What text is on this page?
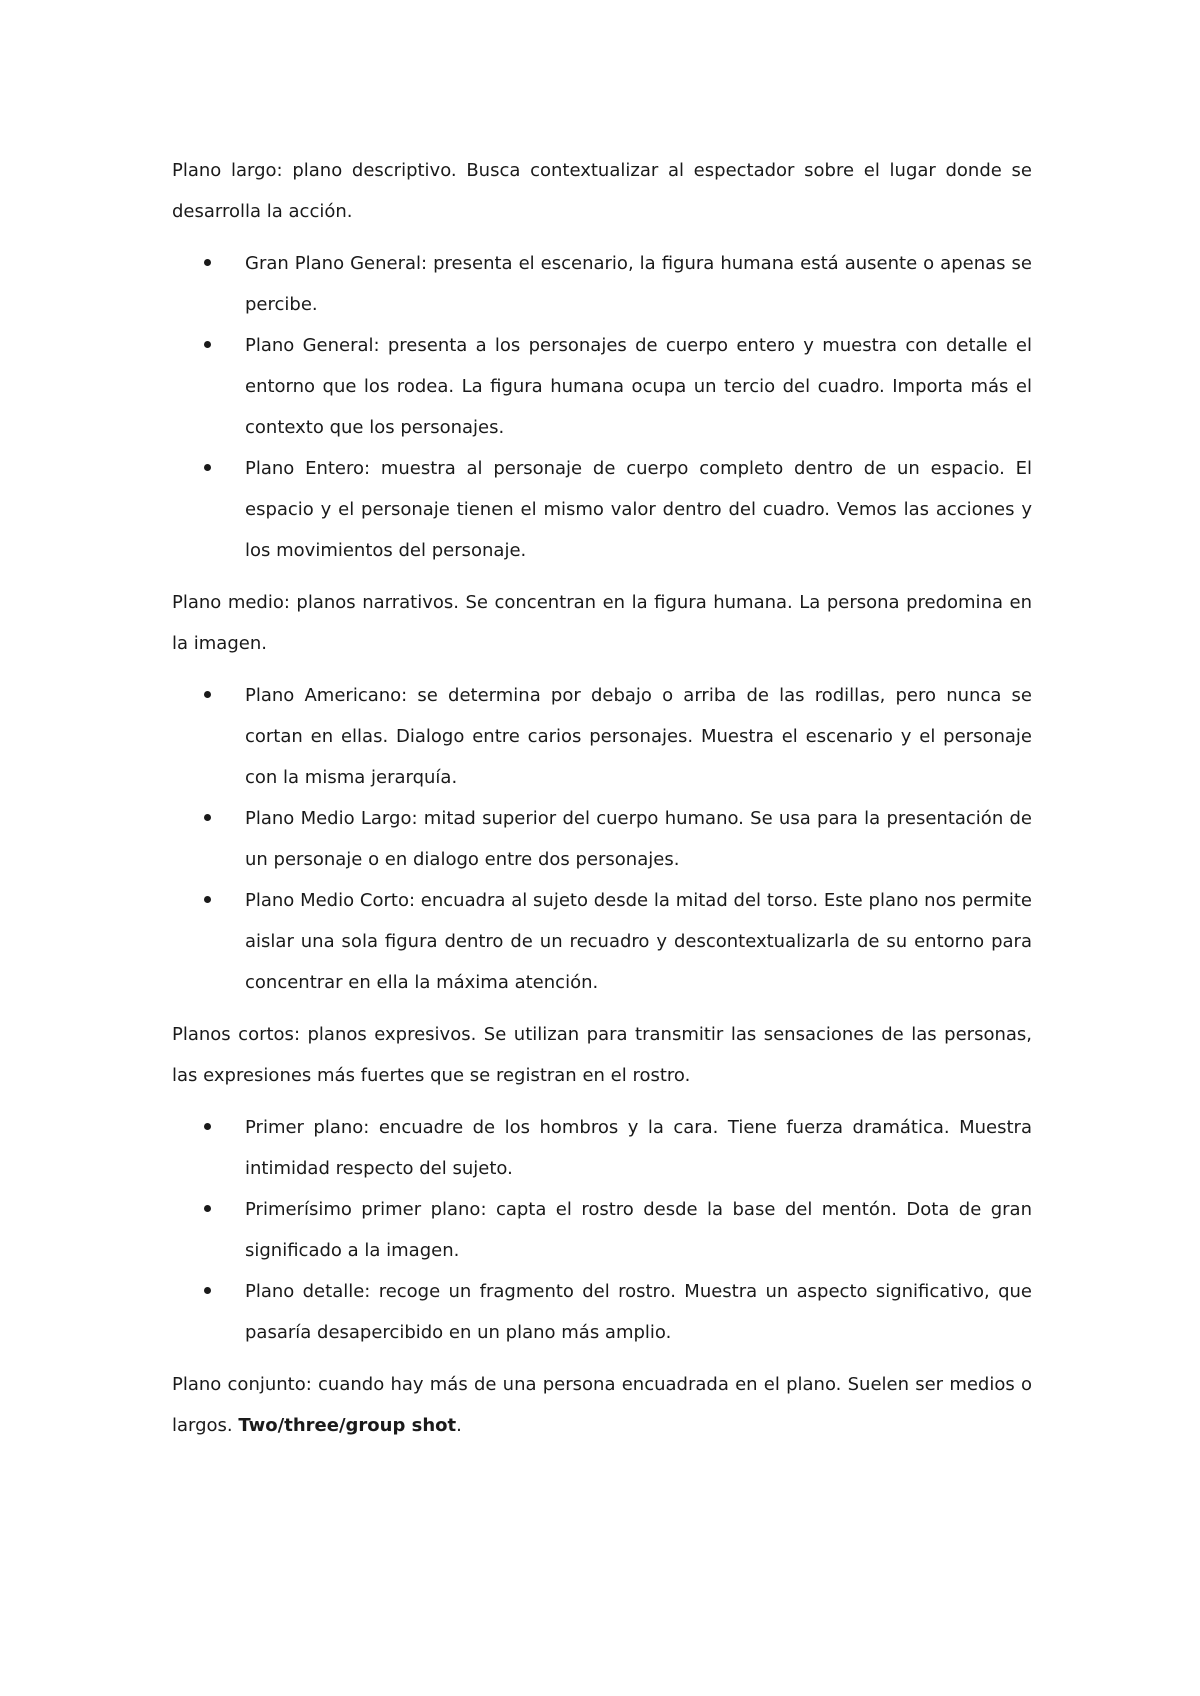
Plano largo: plano descriptivo. Busca contextualizar al espectador sobre el lugar donde se desarrolla la acción.

Gran Plano General: presenta el escenario, la figura humana está ausente o apenas se percibe.
Plano General: presenta a los personajes de cuerpo entero y muestra con detalle el entorno que los rodea. La figura humana ocupa un tercio del cuadro. Importa más el contexto que los personajes.
Plano Entero: muestra al personaje de cuerpo completo dentro de un espacio. El espacio y el personaje tienen el mismo valor dentro del cuadro. Vemos las acciones y los movimientos del personaje.

Plano medio: planos narrativos. Se concentran en la figura humana. La persona predomina en la imagen.

Plano Americano: se determina por debajo o arriba de las rodillas, pero nunca se cortan en ellas. Dialogo entre carios personajes. Muestra el escenario y el personaje con la misma jerarquía.
Plano Medio Largo: mitad superior del cuerpo humano. Se usa para la presentación de un personaje o en dialogo entre dos personajes.
Plano Medio Corto: encuadra al sujeto desde la mitad del torso. Este plano nos permite aislar una sola figura dentro de un recuadro y descontextualizarla de su entorno para concentrar en ella la máxima atención.

Planos cortos: planos expresivos. Se utilizan para transmitir las sensaciones de las personas, las expresiones más fuertes que se registran en el rostro.

Primer plano: encuadre de los hombros y la cara. Tiene fuerza dramática. Muestra intimidad respecto del sujeto.
Primerísimo primer plano: capta el rostro desde la base del mentón. Dota de gran significado a la imagen.
Plano detalle: recoge un fragmento del rostro. Muestra un aspecto significativo, que pasaría desapercibido en un plano más amplio.

Plano conjunto: cuando hay más de una persona encuadrada en el plano. Suelen ser medios o largos. Two/three/group shot.
